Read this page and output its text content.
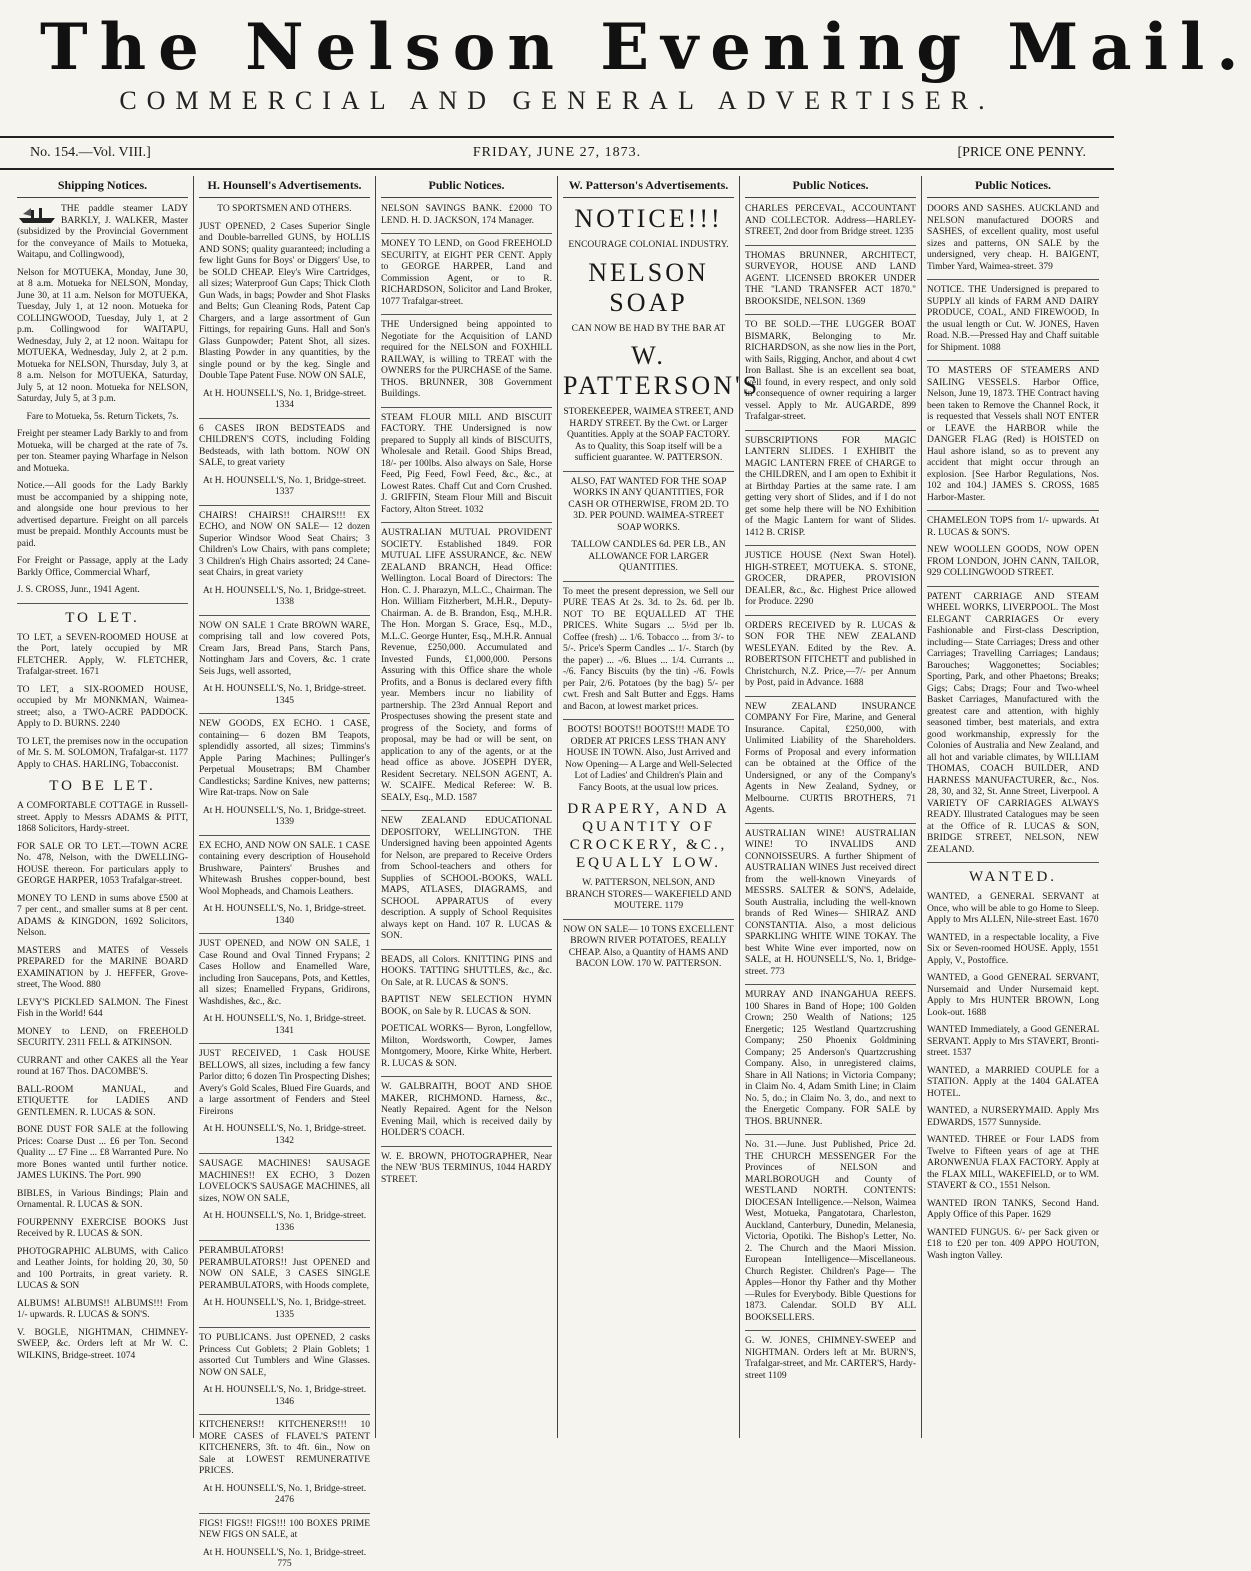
The Nelson Evening Mail.
COMMERCIAL AND GENERAL ADVERTISER.
No. 154.—Vol. VIII.]	FRIDAY, JUNE 27, 1873.	[PRICE ONE PENNY.
Shipping Notices.
THE paddle steamer LADY BARKLY, J. WALKER, Master (subsidized by the Provincial Government for the conveyance of Mails to Motueka, Waitapu, and Collingwood),
Nelson for MOTUEKA, Monday, June 30, at 8 a.m. Motueka for NELSON, Monday, June 30, at 11 a.m. Nelson for MOTUEKA, Tuesday, July 1, at 12 noon. Motueka for COLLINGWOOD, Tuesday, July 1, at 2 p.m. Collingwood for WAITAPU, Wednesday, July 2, at 12 noon. Waitapu for MOTUEKA, Wednesday, July 2, at 2 p.m. Motueka for NELSON, Thursday, July 3, at 8 a.m. Nelson for MOTUEKA, Saturday, July 5, at 12 noon. Motueka for NELSON, Saturday, July 5, at 3 p.m.
Fare to Motueka, 5s. Return Tickets, 7s.
Freight per steamer Lady Barkly to and from Motueka, will be charged at the rate of 7s. per ton. Steamer paying Wharfage in Nelson and Motueka.
Notice.—All goods for the Lady Barkly must be accompanied by a shipping note, and alongside one hour previous to her advertised departure. Freight on all parcels must be prepaid. Monthly Accounts must be paid.
For Freight or Passage, apply at the Lady Barkly Office, Commercial Wharf,
J. S. CROSS, Junr., 1941 Agent.
TO LET.
TO LET, a SEVEN-ROOMED HOUSE at the Port, lately occupied by MR FLETCHER. Apply, W. FLETCHER, Trafalgar-street. 1671
TO LET, a SIX-ROOMED HOUSE, occupied by Mr MONKMAN, Waimea-street; also, a TWO-ACRE PADDOCK. Apply to D. BURNS. 2240
TO LET, the premises now in the occupation of Mr. S. M. SOLOMON, Trafalgar-st. 1177 Apply to CHAS. HARLING, Tobacconist.
TO BE LET.
A COMFORTABLE COTTAGE in Russell-street. Apply to Messrs ADAMS & PITT, 1868 Solicitors, Hardy-street.
FOR SALE OR TO LET.—TOWN ACRE No. 478, Nelson, with the DWELLING-HOUSE thereon. For particulars apply to GEORGE HARPER, 1053 Trafalgar-street.
MONEY TO LEND in sums above £500 at 7 per cent., and smaller sums at 8 per cent. ADAMS & KINGDON, 1692 Solicitors, Nelson.
MASTERS and MATES of Vessels PREPARED for the MARINE BOARD EXAMINATION by J. HEFFER, Grove-street, The Wood. 880
LEVY'S PICKLED SALMON. The Finest Fish in the World! 644
MONEY to LEND, on FREEHOLD SECURITY. 2311 FELL & ATKINSON.
CURRANT and other CAKES all the Year round at 167 Thos. DACOMBE'S.
BALL-ROOM MANUAL, and ETIQUETTE for LADIES AND GENTLEMEN. R. LUCAS & SON.
BONE DUST FOR SALE at the following Prices: Coarse Dust ... £6 per Ton. Second Quality ... £7 Fine ... £8 Warranted Pure. No more Bones wanted until further notice. JAMES LUKINS. The Port. 990
BIBLES, in Various Bindings; Plain and Ornamental. R. LUCAS & SON.
FOURPENNY EXERCISE BOOKS Just Received by R. LUCAS & SON.
PHOTOGRAPHIC ALBUMS, with Calico and Leather Joints, for holding 20, 30, 50 and 100 Portraits, in great variety. R. LUCAS & SON
ALBUMS! ALBUMS!! ALBUMS!!! From 1/- upwards. R. LUCAS & SON'S.
V. BOGLE, NIGHTMAN, CHIMNEY-SWEEP, &c. Orders left at Mr W. C. WILKINS, Bridge-street. 1074
H. Hounsell's Advertisements.
TO SPORTSMEN AND OTHERS.
JUST OPENED, 2 Cases Superior Single and Double-barrelled GUNS, by HOLLIS AND SONS; quality guaranteed; including a few light Guns for Boys' or Diggers' Use, to be SOLD CHEAP. Eley's Wire Cartridges, all sizes; Waterproof Gun Caps; Thick Cloth Gun Wads, in bags; Powder and Shot Flasks and Belts; Gun Cleaning Rods, Patent Cap Chargers, and a large assortment of Gun Fittings, for repairing Guns. Hall and Son's Glass Gunpowder; Patent Shot, all sizes. Blasting Powder in any quantities, by the single pound or by the keg. Single and Double Tape Patent Fuse. NOW ON SALE,
At H. HOUNSELL'S, No. 1, Bridge-street. 1334
6 CASES IRON BEDSTEADS and CHILDREN'S COTS, including Folding Bedsteads, with lath bottom. NOW ON SALE, to great variety
At H. HOUNSELL'S, No. 1, Bridge-street. 1337
CHAIRS! CHAIRS!! CHAIRS!!! EX ECHO, and NOW ON SALE— 12 dozen Superior Windsor Wood Seat Chairs; 3 Children's Low Chairs, with pans complete; 3 Children's High Chairs assorted; 24 Cane-seat Chairs, in great variety
At H. HOUNSELL'S, No. 1, Bridge-street. 1338
NOW ON SALE 1 Crate BROWN WARE, comprising tall and low covered Pots, Cream Jars, Bread Pans, Starch Pans, Nottingham Jars and Covers, &c. 1 crate Seis Jugs, well assorted,
At H. HOUNSELL'S, No. 1, Bridge-street. 1345
NEW GOODS, EX ECHO. 1 CASE, containing— 6 dozen BM Teapots, splendidly assorted, all sizes; Timmins's Apple Paring Machines; Pullinger's Perpetual Mousetraps; BM Chamber Candlesticks; Sardine Knives, new patterns; Wire Rat-traps. Now on Sale
At H. HOUNSELL'S, No. 1, Bridge-street. 1339
EX ECHO, AND NOW ON SALE. 1 CASE containing every description of Household Brushware, Painters' Brushes and Whitewash Brushes copper-bound, best Wool Mopheads, and Chamois Leathers.
At H. HOUNSELL'S, No. 1, Bridge-street. 1340
JUST OPENED, and NOW ON SALE, 1 Case Round and Oval Tinned Frypans; 2 Cases Hollow and Enamelled Ware, including Iron Saucepans, Pots, and Kettles, all sizes; Enamelled Frypans, Gridirons, Washdishes, &c., &c.
At H. HOUNSELL'S, No. 1, Bridge-street. 1341
JUST RECEIVED, 1 Cask HOUSE BELLOWS, all sizes, including a few fancy Parlor ditto; 6 dozen Tin Prospecting Dishes; Avery's Gold Scales, Blued Fire Guards, and a large assortment of Fenders and Steel Fireirons
At H. HOUNSELL'S, No. 1, Bridge-street. 1342
SAUSAGE MACHINES! SAUSAGE MACHINES!! EX ECHO, 3 Dozen LOVELOCK'S SAUSAGE MACHINES, all sizes, NOW ON SALE,
At H. HOUNSELL'S, No. 1, Bridge-street. 1336
PERAMBULATORS! PERAMBULATORS!! Just OPENED and NOW ON SALE, 3 CASES SINGLE PERAMBULATORS, with Hoods complete,
At H. HOUNSELL'S, No. 1, Bridge-street. 1335
TO PUBLICANS. Just OPENED, 2 casks Princess Cut Goblets; 2 Plain Goblets; 1 assorted Cut Tumblers and Wine Glasses. NOW ON SALE,
At H. HOUNSELL'S, No. 1, Bridge-street. 1346
KITCHENERS!! KITCHENERS!!! 10 MORE CASES of FLAVEL'S PATENT KITCHENERS, 3ft. to 4ft. 6in., Now on Sale at LOWEST REMUNERATIVE PRICES.
At H. HOUNSELL'S, No. 1, Bridge-street. 2476
FIGS! FIGS!! FIGS!!! 100 BOXES PRIME NEW FIGS ON SALE, at
At H. HOUNSELL'S, No. 1, Bridge-street. 775
Public Notices.
NELSON SAVINGS BANK. £2000 TO LEND. H. D. JACKSON, 174 Manager.
MONEY TO LEND, on Good FREEHOLD SECURITY, at EIGHT PER CENT. Apply to GEORGE HARPER, Land and Commission Agent, or to R. RICHARDSON, Solicitor and Land Broker, 1077 Trafalgar-street.
THE Undersigned being appointed to Negotiate for the Acquisition of LAND required for the NELSON and FOXHILL RAILWAY, is willing to TREAT with the OWNERS for the PURCHASE of the Same. THOS. BRUNNER, 308 Government Buildings.
STEAM FLOUR MILL AND BISCUIT FACTORY. THE Undersigned is now prepared to Supply all kinds of BISCUITS, Wholesale and Retail. Good Ships Bread, 18/- per 100lbs. Also always on Sale, Horse Feed, Pig Feed, Fowl Feed, &c., &c., at Lowest Rates. Chaff Cut and Corn Crushed. J. GRIFFIN, Steam Flour Mill and Biscuit Factory, Alton Street. 1032
AUSTRALIAN MUTUAL PROVIDENT SOCIETY. Established 1849. FOR MUTUAL LIFE ASSURANCE, &c. NEW ZEALAND BRANCH, Head Office: Wellington. Local Board of Directors: The Hon. C. J. Pharazyn, M.L.C., Chairman. The Hon. William Fitzherbert, M.H.R., Deputy-Chairman. A. de B. Brandon, Esq., M.H.R. The Hon. Morgan S. Grace, Esq., M.D., M.L.C. George Hunter, Esq., M.H.R. Annual Revenue, £250,000. Accumulated and Invested Funds, £1,000,000. Persons Assuring with this Office share the whole Profits, and a Bonus is declared every fifth year. Members incur no liability of partnership. The 23rd Annual Report and Prospectuses showing the present state and progress of the Society, and forms of proposal, may be had or will be sent, on application to any of the agents, or at the head office as above. JOSEPH DYER, Resident Secretary. NELSON AGENT, A. W. SCAIFE. Medical Referee: W. B. SEALY, Esq., M.D. 1587
NEW ZEALAND EDUCATIONAL DEPOSITORY, WELLINGTON. THE Undersigned having been appointed Agents for Nelson, are prepared to Receive Orders from School-teachers and others for Supplies of SCHOOL-BOOKS, WALL MAPS, ATLASES, DIAGRAMS, and SCHOOL APPARATUS of every description. A supply of School Requisites always kept on Hand. 107 R. LUCAS & SON.
BEADS, all Colors. KNITTING PINS and HOOKS. TATTING SHUTTLES, &c., &c. On Sale, at R. LUCAS & SON'S.
BAPTIST NEW SELECTION HYMN BOOK, on Sale by R. LUCAS & SON.
POETICAL WORKS— Byron, Longfellow, Milton, Wordsworth, Cowper, James Montgomery, Moore, Kirke White, Herbert. R. LUCAS & SON.
W. GALBRAITH, BOOT AND SHOE MAKER, RICHMOND. Harness, &c., Neatly Repaired. Agent for the Nelson Evening Mail, which is received daily by HOLDER'S COACH.
W. E. BROWN, PHOTOGRAPHER, Near the NEW 'BUS TERMINUS, 1044 HARDY STREET.
W. Patterson's Advertisements.
NOTICE!!!
ENCOURAGE COLONIAL INDUSTRY.
NELSON SOAP
CAN NOW BE HAD BY THE BAR AT
W. PATTERSON'S
STOREKEEPER, WAIMEA STREET, AND HARDY STREET. By the Cwt. or Larger Quantities. Apply at the SOAP FACTORY. As to Quality, this Soap itself will be a sufficient guarantee. W. PATTERSON.
ALSO, FAT WANTED FOR THE SOAP WORKS IN ANY QUANTITIES, FOR CASH OR OTHERWISE, FROM 2D. TO 3D. PER POUND. WAIMEA-STREET SOAP WORKS.
TALLOW CANDLES 6d. PER LB., AN ALLOWANCE FOR LARGER QUANTITIES.
To meet the present depression, we Sell our PURE TEAS At 2s. 3d. to 2s. 6d. per lb. NOT TO BE EQUALLED AT THE PRICES. White Sugars ... 5½d per lb. Coffee (fresh) ... 1/6. Tobacco ... from 3/- to 5/-. Price's Sperm Candles ... 1/-. Starch (by the paper) ... -/6. Blues ... 1/4. Currants ... -/6. Fancy Biscuits (by the tin) -/6. Fowls per Pair, 2/6. Potatoes (by the bag) 5/- per cwt. Fresh and Salt Butter and Eggs. Hams and Bacon, at lowest market prices.
BOOTS! BOOTS!! BOOTS!!! MADE TO ORDER AT PRICES LESS THAN ANY HOUSE IN TOWN. Also, Just Arrived and Now Opening— A Large and Well-Selected Lot of Ladies' and Children's Plain and Fancy Boots, at the usual low prices.
DRAPERY, AND A QUANTITY OF CROCKERY, &C., EQUALLY LOW.
W. PATTERSON, NELSON, AND BRANCH STORES— WAKEFIELD AND MOUTERE. 1179
NOW ON SALE— 10 TONS EXCELLENT BROWN RIVER POTATOES, REALLY CHEAP. Also, a Quantity of HAMS AND BACON LOW. 170 W. PATTERSON.
Public Notices.
CHARLES PERCEVAL, ACCOUNTANT AND COLLECTOR. Address—HARLEY-STREET, 2nd door from Bridge street. 1235
THOMAS BRUNNER, ARCHITECT, SURVEYOR, HOUSE AND LAND AGENT. LICENSED BROKER UNDER THE "LAND TRANSFER ACT 1870." BROOKSIDE, NELSON. 1369
TO BE SOLD.—THE LUGGER BOAT BISMARK, Belonging to Mr. RICHARDSON, as she now lies in the Port, with Sails, Rigging, Anchor, and about 4 cwt Iron Ballast. She is an excellent sea boat, well found, in every respect, and only sold in consequence of owner requiring a larger vessel. Apply to Mr. AUGARDE, 899 Trafalgar-street.
SUBSCRIPTIONS FOR MAGIC LANTERN SLIDES. I EXHIBIT the MAGIC LANTERN FREE of CHARGE to the CHILDREN, and I am open to Exhibit it at Birthday Parties at the same rate. I am getting very short of Slides, and if I do not get some help there will be NO Exhibition of the Magic Lantern for want of Slides. 1412 B. CRISP.
JUSTICE HOUSE (Next Swan Hotel). HIGH-STREET, MOTUEKA. S. STONE, GROCER, DRAPER, PROVISION DEALER, &c., &c. Highest Price allowed for Produce. 2290
ORDERS RECEIVED by R. LUCAS & SON FOR THE NEW ZEALAND WESLEYAN. Edited by the Rev. A. ROBERTSON FITCHETT and published in Christchurch, N.Z. Price,—7/- per Annum by Post, paid in Advance. 1688
NEW ZEALAND INSURANCE COMPANY For Fire, Marine, and General Insurance. Capital, £250,000, with Unlimited Liability of the Shareholders. Forms of Proposal and every information can be obtained at the Office of the Undersigned, or any of the Company's Agents in New Zealand, Sydney, or Melbourne. CURTIS BROTHERS, 71 Agents.
AUSTRALIAN WINE! AUSTRALIAN WINE! TO INVALIDS AND CONNOISSEURS. A further Shipment of AUSTRALIAN WINES Just received direct from the well-known Vineyards of MESSRS. SALTER & SON'S, Adelaide, South Australia, including the well-known brands of Red Wines— SHIRAZ AND CONSTANTIA. Also, a most delicious SPARKLING WHITE WINE TOKAY. The best White Wine ever imported, now on SALE, at H. HOUNSELL'S, No. 1, Bridge-street. 773
MURRAY AND INANGAHUA REEFS. 100 Shares in Band of Hope; 100 Golden Crown; 250 Wealth of Nations; 125 Energetic; 125 Westland Quartzcrushing Company; 250 Phoenix Goldmining Company; 25 Anderson's Quartzcrushing Company. Also, in unregistered claims, Share in All Nations; in Victoria Company; in Claim No. 4, Adam Smith Line; in Claim No. 5, do.; in Claim No. 3, do., and next to the Energetic Company. FOR SALE by THOS. BRUNNER.
No. 31.—June. Just Published, Price 2d. THE CHURCH MESSENGER For the Provinces of NELSON and MARLBOROUGH and County of WESTLAND NORTH. CONTENTS: DIOCESAN Intelligence.—Nelson, Waimea West, Motueka, Pangatotara, Charleston, Auckland, Canterbury, Dunedin, Melanesia, Victoria, Opotiki. The Bishop's Letter, No. 2. The Church and the Maori Mission. European Intelligence—Miscellaneous. Church Register. Children's Page— The Apples—Honor thy Father and thy Mother—Rules for Everybody. Bible Questions for 1873. Calendar. SOLD BY ALL BOOKSELLERS.
G. W. JONES, CHIMNEY-SWEEP and NIGHTMAN. Orders left at Mr. BURN'S, Trafalgar-street, and Mr. CARTER'S, Hardy-street 1109
Public Notices.
DOORS AND SASHES. AUCKLAND and NELSON manufactured DOORS and SASHES, of excellent quality, most useful sizes and patterns, ON SALE by the undersigned, very cheap. H. BAIGENT, Timber Yard, Waimea-street. 379
NOTICE. THE Undersigned is prepared to SUPPLY all kinds of FARM AND DAIRY PRODUCE, COAL, AND FIREWOOD, In the usual length or Cut. W. JONES, Haven Road. N.B.—Pressed Hay and Chaff suitable for Shipment. 1088
TO MASTERS OF STEAMERS AND SAILING VESSELS. Harbor Office, Nelson, June 19, 1873. THE Contract having been taken to Remove the Channel Rock, it is requested that Vessels shall NOT ENTER or LEAVE the HARBOR while the DANGER FLAG (Red) is HOISTED on Haul ashore island, so as to prevent any accident that might occur through an explosion. [See Harbor Regulations, Nos. 102 and 104.] JAMES S. CROSS, 1685 Harbor-Master.
CHAMELEON TOPS from 1/- upwards. At R. LUCAS & SON'S.
NEW WOOLLEN GOODS, NOW OPEN FROM LONDON, JOHN CANN, TAILOR, 929 COLLINGWOOD STREET.
PATENT CARRIAGE AND STEAM WHEEL WORKS, LIVERPOOL. The Most ELEGANT CARRIAGES Or every Fashionable and First-class Description, including— State Carriages; Dress and other Carriages; Travelling Carriages; Landaus; Barouches; Waggonettes; Sociables; Sporting, Park, and other Phaetons; Breaks; Gigs; Cabs; Drags; Four and Two-wheel Basket Carriages, Manufactured with the greatest care and attention, with highly seasoned timber, best materials, and extra good workmanship, expressly for the Colonies of Australia and New Zealand, and all hot and variable climates, by WILLIAM THOMAS, COACH BUILDER, AND HARNESS MANUFACTURER, &c., Nos. 28, 30, and 32, St. Anne Street, Liverpool. A VARIETY OF CARRIAGES ALWAYS READY. Illustrated Catalogues may be seen at the Office of R. LUCAS & SON, BRIDGE STREET, NELSON, NEW ZEALAND.
WANTED.
WANTED, a GENERAL SERVANT at Once, who will be able to go Home to Sleep. Apply to Mrs ALLEN, Nile-street East. 1670
WANTED, in a respectable locality, a Five Six or Seven-roomed HOUSE. Apply, 1551 Apply, V., Postoffice.
WANTED, a Good GENERAL SERVANT, Nursemaid and Under Nursemaid kept. Apply to Mrs HUNTER BROWN, Long Look-out. 1688
WANTED Immediately, a Good GENERAL SERVANT. Apply to Mrs STAVERT, Bronti-street. 1537
WANTED, a MARRIED COUPLE for a STATION. Apply at the 1404 GALATEA HOTEL.
WANTED, a NURSERYMAID. Apply Mrs EDWARDS, 1577 Sunnyside.
WANTED. THREE or Four LADS from Twelve to Fifteen years of age at THE ARONWENUA FLAX FACTORY. Apply at the FLAX MILL, WAKEFIELD, or to WM. STAVERT & CO., 1551 Nelson.
WANTED IRON TANKS, Second Hand. Apply Office of this Paper. 1629
WANTED FUNGUS. 6/- per Sack given or £18 to £20 per ton. 409 APPO HOUTON, Wash ington Valley.
